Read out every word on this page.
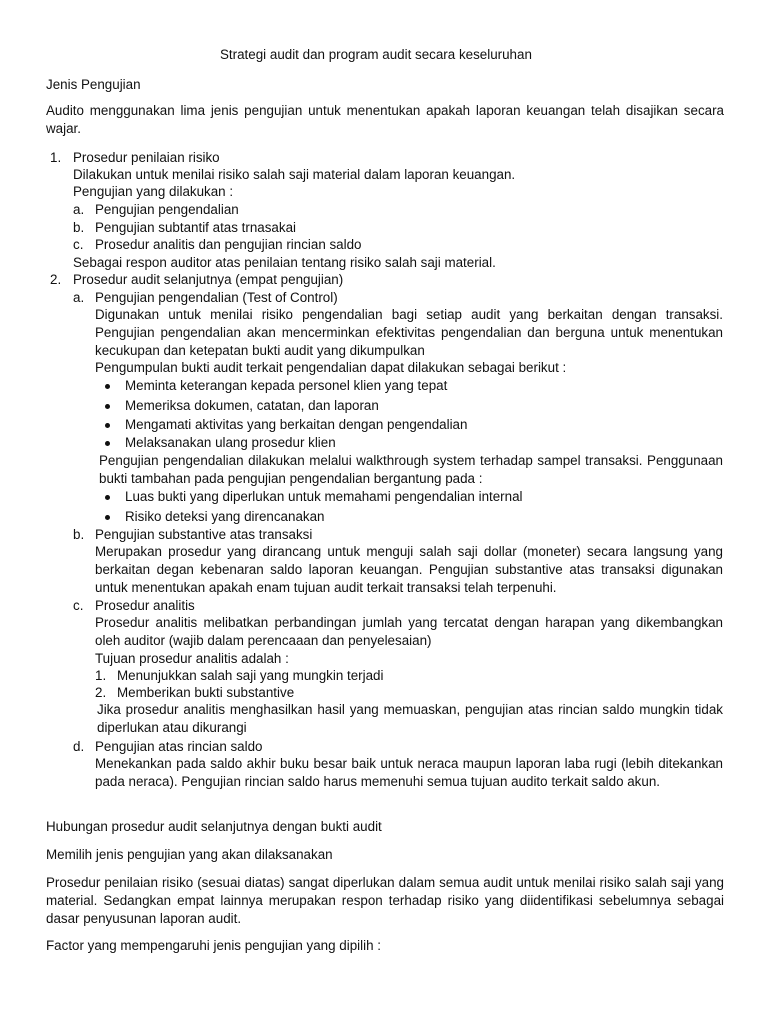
Strategi audit dan program audit secara keseluruhan
Jenis Pengujian
Audito menggunakan lima jenis pengujian untuk menentukan apakah laporan keuangan telah disajikan secara wajar.
1. Prosedur penilaian risiko
Dilakukan untuk menilai risiko salah saji material dalam laporan keuangan.
Pengujian yang dilakukan :
a. Pengujian pengendalian
b. Pengujian subtantif atas trnasakai
c. Prosedur analitis dan pengujian rincian saldo
Sebagai respon auditor atas penilaian tentang risiko salah saji material.
2. Prosedur audit selanjutnya (empat pengujian)
a. Pengujian pengendalian (Test of Control)
Digunakan untuk menilai risiko pengendalian bagi setiap audit yang berkaitan dengan transaksi. Pengujian pengendalian akan mencerminkan efektivitas pengendalian dan berguna untuk menentukan kecukupan dan ketepatan bukti audit yang dikumpulkan
Pengumpulan bukti audit terkait pengendalian dapat dilakukan sebagai berikut :
Meminta keterangan kepada personel klien yang tepat
Memeriksa dokumen, catatan, dan laporan
Mengamati aktivitas yang berkaitan dengan pengendalian
Melaksanakan ulang prosedur klien
Pengujian pengendalian dilakukan melalui walkthrough system terhadap sampel transaksi. Penggunaan bukti tambahan pada pengujian pengendalian bergantung pada :
Luas bukti yang diperlukan untuk memahami pengendalian internal
Risiko deteksi yang direncanakan
b. Pengujian substantive atas transaksi
Merupakan prosedur yang dirancang untuk menguji salah saji dollar (moneter) secara langsung yang berkaitan degan kebenaran saldo laporan keuangan. Pengujian substantive atas transaksi digunakan untuk menentukan apakah enam tujuan audit terkait transaksi telah terpenuhi.
c. Prosedur analitis
Prosedur analitis melibatkan perbandingan jumlah yang tercatat dengan harapan yang dikembangkan oleh auditor (wajib dalam perencaaan dan penyelesaian)
Tujuan prosedur analitis adalah :
1. Menunjukkan salah saji yang mungkin terjadi
2. Memberikan bukti substantive
Jika prosedur analitis menghasilkan hasil yang memuaskan, pengujian atas rincian saldo mungkin tidak diperlukan atau dikurangi
d. Pengujian atas rincian saldo
Menekankan pada saldo akhir buku besar baik untuk neraca maupun laporan laba rugi (lebih ditekankan pada neraca). Pengujian rincian saldo harus memenuhi semua tujuan audito terkait saldo akun.
Hubungan prosedur audit selanjutnya dengan bukti audit
Memilih jenis pengujian yang akan dilaksanakan
Prosedur penilaian risiko (sesuai diatas) sangat diperlukan dalam semua audit untuk menilai risiko salah saji yang material. Sedangkan empat lainnya merupakan respon terhadap risiko yang diidentifikasi sebelumnya sebagai dasar penyusunan laporan audit.
Factor yang mempengaruhi jenis pengujian yang dipilih :
